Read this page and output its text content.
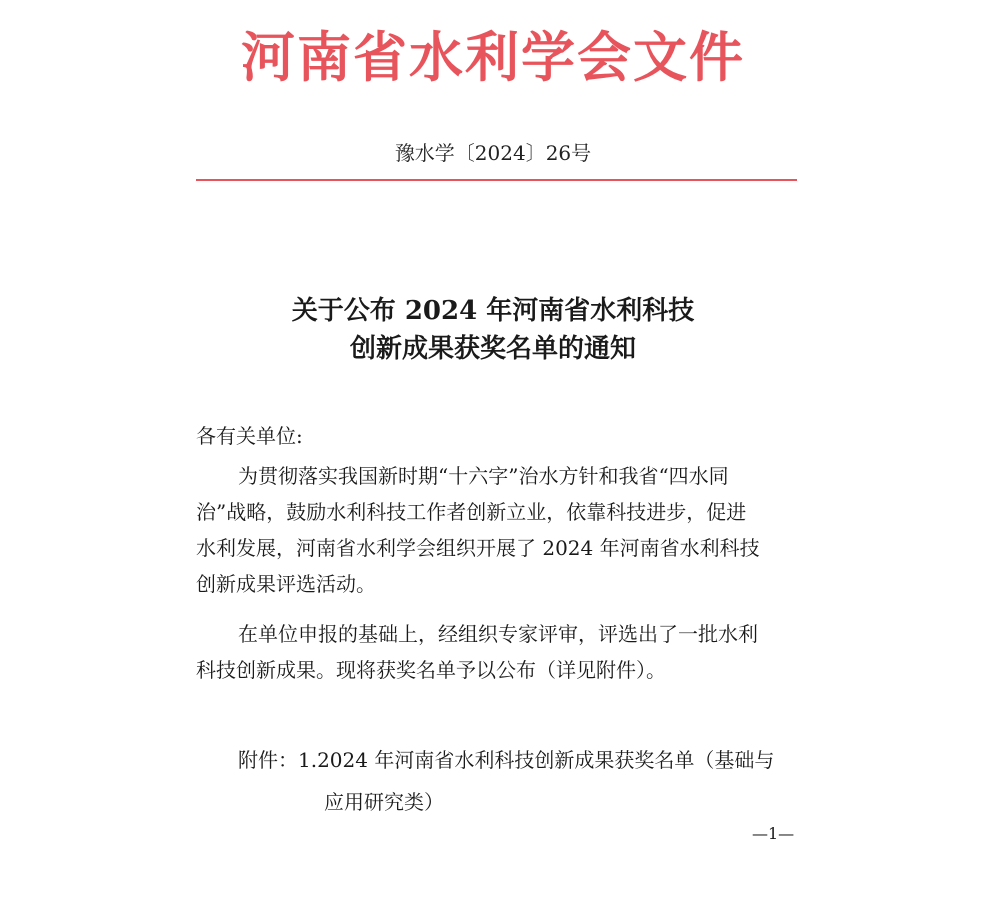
河南省水利学会文件
豫水学〔2024〕26号
关于公布 2024 年河南省水利科技
创新成果获奖名单的通知
各有关单位:
为贯彻落实我国新时期“十六字”治水方针和我省“四水同
治”战略，鼓励水利科技工作者创新立业，依靠科技进步，促进
水利发展，河南省水利学会组织开展了 2024 年河南省水利科技
创新成果评选活动。
在单位申报的基础上，经组织专家评审，评选出了一批水利
科技创新成果。现将获奖名单予以公布（详见附件）。
附件：1.2024 年河南省水利科技创新成果获奖名单（基础与
应用研究类）
—1—
